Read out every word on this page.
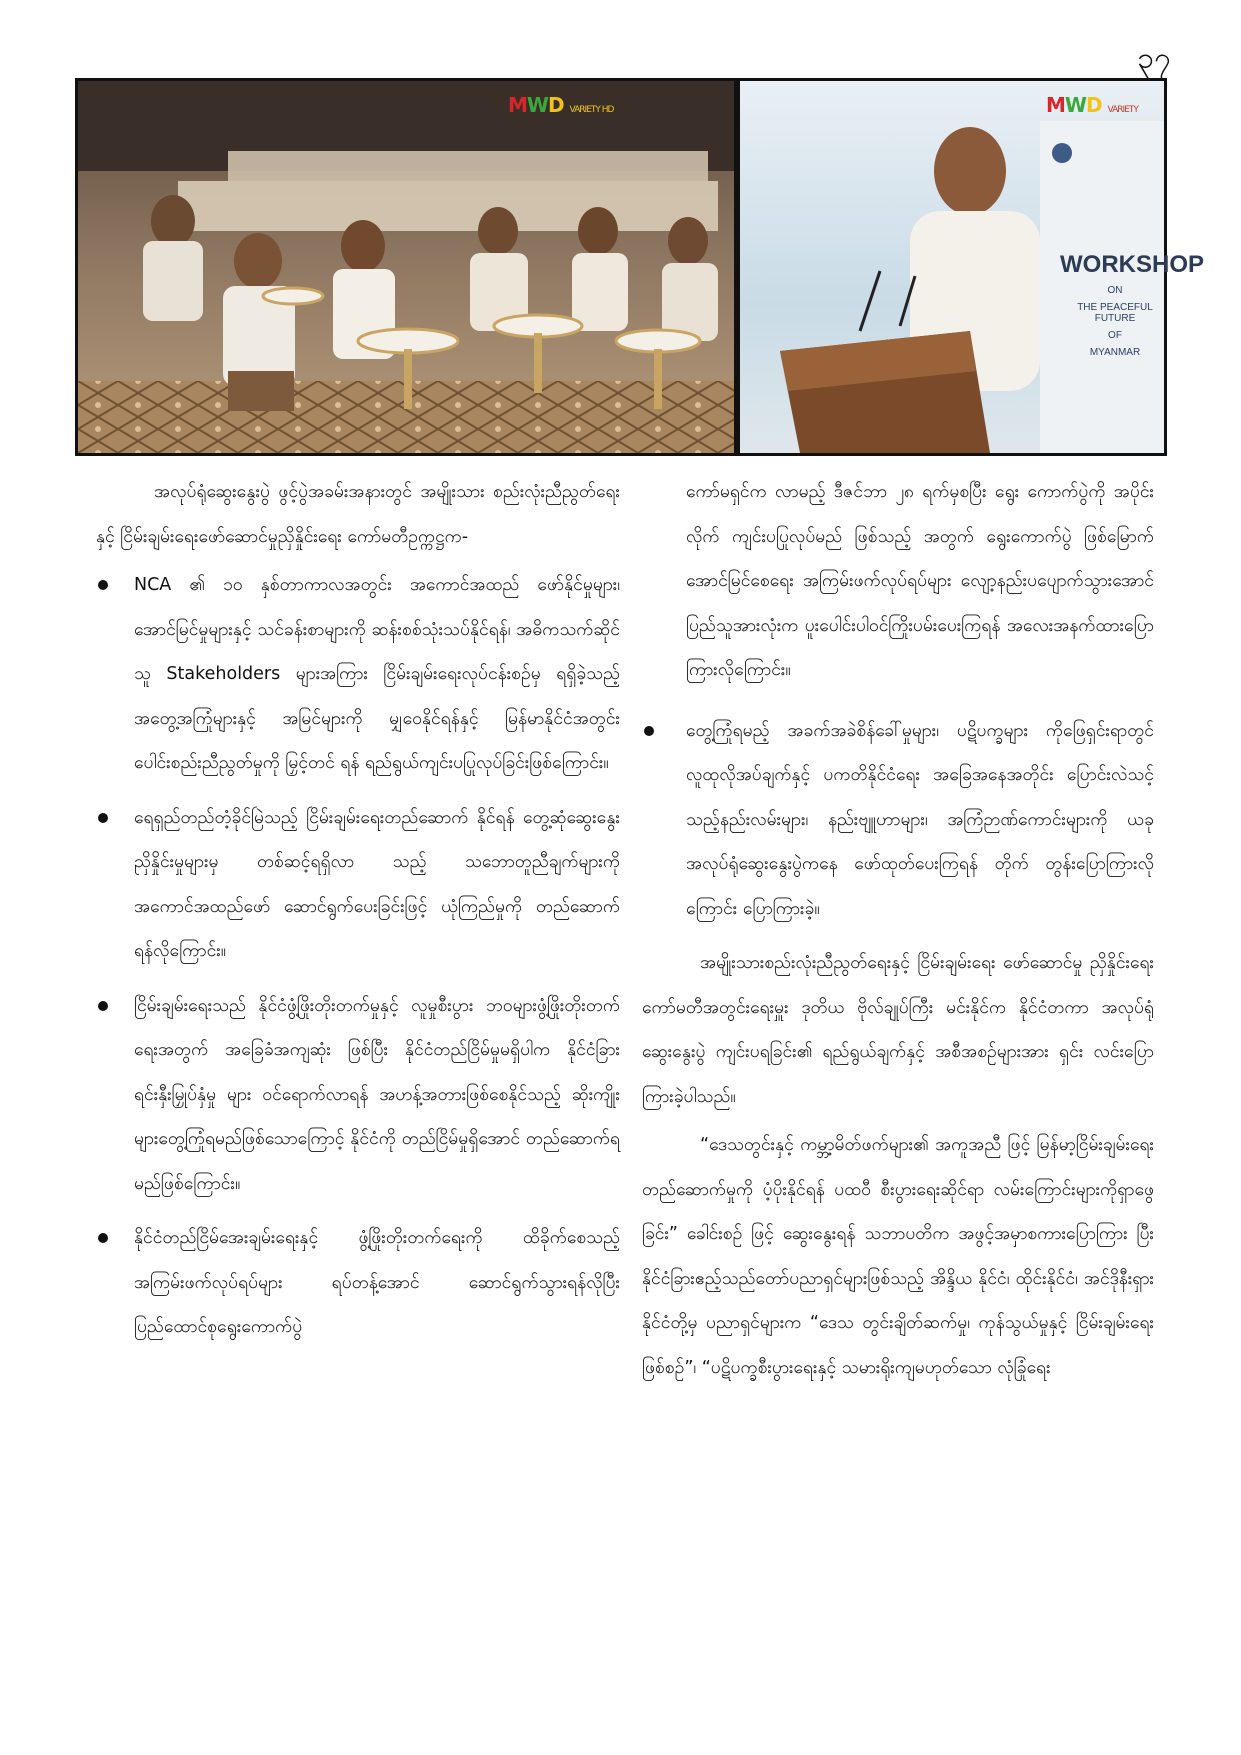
၃၇
MWD VARIETY HD	MWD VARIETY
WORKSHOP
ON
THE PEACEFUL FUTURE
OF
MYANMAR

အလုပ်ရုံဆွေးနွေးပွဲ ဖွင့်ပွဲအခမ်းအနားတွင် အမျိုးသား စည်းလုံးညီညွတ်ရေးနှင့် ငြိမ်းချမ်းရေးဖော်ဆောင်မှုညှိနှိုင်းရေး ကော်မတီဥက္ကဋ္ဌက-

NCA ၏ ၁၀ နှစ်တာကာလအတွင်း အကောင်အထည် ဖော်နိုင်မှုများ၊ အောင်မြင်မှုများနှင့် သင်ခန်းစာများကို ဆန်းစစ်သုံးသပ်နိုင်ရန်၊ အဓိကသက်ဆိုင်သူ Stakeholders များအကြား ငြိမ်းချမ်းရေးလုပ်ငန်းစဉ်မှ ရရှိခဲ့သည့် အတွေ့အကြုံများနှင့် အမြင်များကို မျှဝေနိုင်ရန်နှင့် မြန်မာနိုင်ငံအတွင်း ပေါင်းစည်းညီညွတ်မှုကို မြှင့်တင် ရန် ရည်ရွယ်ကျင်းပပြုလုပ်ခြင်းဖြစ်ကြောင်း။
ရေရှည်တည်တံ့ခိုင်မြဲသည့် ငြိမ်းချမ်းရေးတည်ဆောက် နိုင်ရန် တွေ့ဆုံဆွေးနွေးညှိနှိုင်းမှုများမှ တစ်ဆင့်ရရှိလာ သည့် သဘောတူညီချက်များကို အကောင်အထည်ဖော် ဆောင်ရွက်ပေးခြင်းဖြင့် ယုံကြည်မှုကို တည်ဆောက် ရန်လိုကြောင်း။
ငြိမ်းချမ်းရေးသည် နိုင်ငံဖွံ့ဖြိုးတိုးတက်မှုနှင့် လူမှုစီးပွား ဘဝများဖွံ့ဖြိုးတိုးတက်ရေးအတွက် အခြေခံအကျဆုံး ဖြစ်ပြီး နိုင်ငံတည်ငြိမ်မှုမရှိပါက နိုင်ငံခြားရင်းနှီးမြှုပ်နှံမှု များ ဝင်ရောက်လာရန် အဟန့်အတားဖြစ်စေနိုင်သည့် ဆိုးကျိုးများတွေ့ကြုံရမည်ဖြစ်သောကြောင့် နိုင်ငံကို တည်ငြိမ်မှုရှိအောင် တည်ဆောက်ရမည်ဖြစ်ကြောင်း။
နိုင်ငံတည်ငြိမ်အေးချမ်းရေးနှင့် ဖွံ့ဖြိုးတိုးတက်ရေးကို ထိခိုက်စေသည့် အကြမ်းဖက်လုပ်ရပ်များ ရပ်တန့်အောင် ဆောင်ရွက်သွားရန်လိုပြီး ပြည်ထောင်စုရွေးကောက်ပွဲ

ကော်မရှင်က လာမည့် ဒီဇင်ဘာ ၂၈ ရက်မှစပြီး ရွေး ကောက်ပွဲကို အပိုင်းလိုက် ကျင်းပပြုလုပ်မည် ဖြစ်သည့် အတွက် ရွေးကောက်ပွဲ ဖြစ်မြောက်အောင်မြင်စေရေး အကြမ်းဖက်လုပ်ရပ်များ လျော့နည်းပပျောက်သွားအောင် ပြည်သူအားလုံးက ပူးပေါင်းပါဝင်ကြိုးပမ်းပေးကြရန် အလေးအနက်ထားပြောကြားလိုကြောင်း။

တွေ့ကြုံရမည့် အခက်အခဲစိန်ခေါ်မှုများ၊ ပဋိပက္ခများ ကိုဖြေရှင်းရာတွင် လူထုလိုအပ်ချက်နှင့် ပကတိနိုင်ငံရေး အခြေအနေအတိုင်း ပြောင်းလဲသင့်သည့်နည်းလမ်းများ၊ နည်းဗျူဟာများ၊ အကြံဉာဏ်ကောင်းများကို ယခု အလုပ်ရုံဆွေးနွေးပွဲကနေ ဖော်ထုတ်ပေးကြရန် တိုက် တွန်းပြောကြားလိုကြောင်း ပြောကြားခဲ့။

အမျိုးသားစည်းလုံးညီညွတ်ရေးနှင့် ငြိမ်းချမ်းရေး ဖော်ဆောင်မှု ညှိနှိုင်းရေးကော်မတီအတွင်းရေးမှူး ဒုတိယ ဗိုလ်ချုပ်ကြီး မင်းနိုင်က နိုင်ငံတကာ အလုပ်ရုံဆွေးနွေးပွဲ ကျင်းပရခြင်း၏ ရည်ရွယ်ချက်နှင့် အစီအစဉ်များအား ရှင်း လင်းပြောကြားခဲ့ပါသည်။

“ဒေသတွင်းနှင့် ကမ္ဘာ့မိတ်ဖက်များ၏ အကူအညီ ဖြင့် မြန်မာ့ငြိမ်းချမ်းရေး တည်ဆောက်မှုကို ပံ့ပိုးနိုင်ရန် ပထဝီ စီးပွားရေးဆိုင်ရာ လမ်းကြောင်းများကိုရှာဖွေခြင်း” ခေါင်းစဉ် ဖြင့် ဆွေးနွေးရန် သဘာပတိက အဖွင့်အမှာစကားပြောကြား ပြီး နိုင်ငံခြားဧည့်သည်တော်ပညာရှင်များဖြစ်သည့် အိန္ဒိယ နိုင်ငံ၊ ထိုင်းနိုင်ငံ၊ အင်ဒိုနီးရှားနိုင်ငံတို့မှ ပညာရှင်များက “ဒေသ တွင်းချိတ်ဆက်မှု၊ ကုန်သွယ်မှုနှင့် ငြိမ်းချမ်းရေးဖြစ်စဉ်”၊ “ပဋိပက္ခစီးပွားရေးနှင့် သမားရိုးကျမဟုတ်သော လုံခြုံရေး
